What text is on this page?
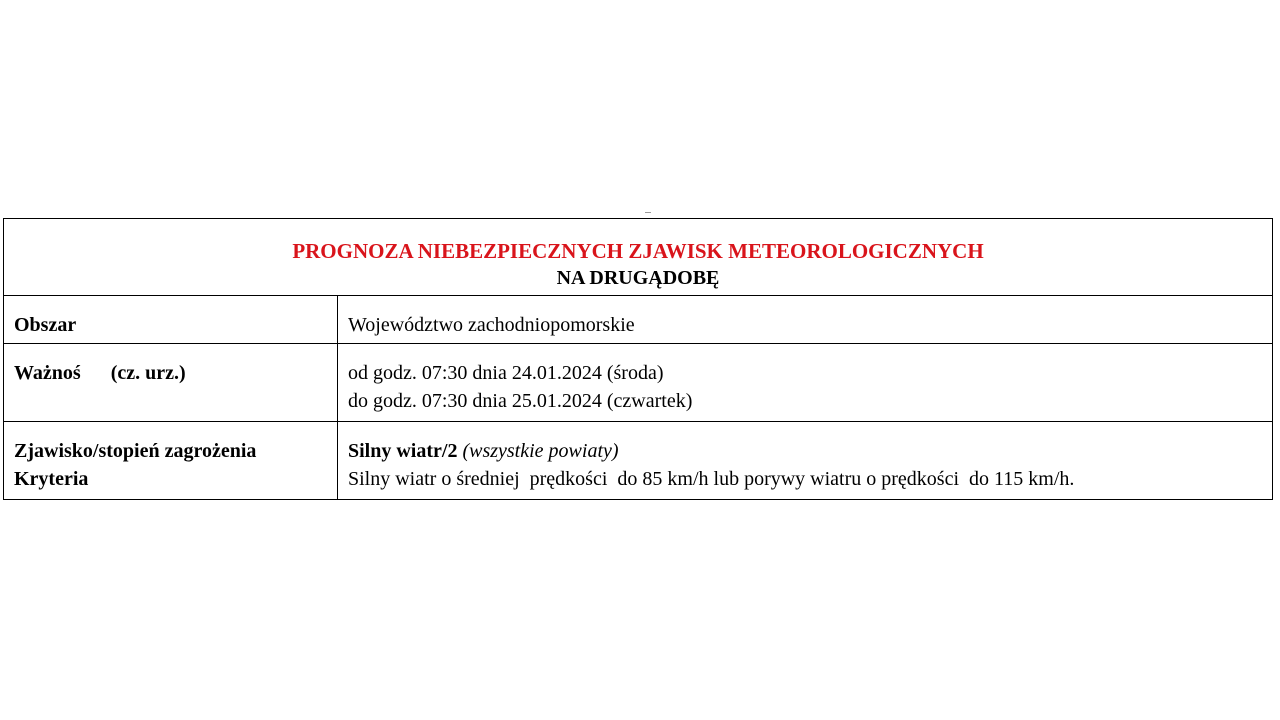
PROGNOZA NIEBEZPIECZNYCH ZJAWISK METEOROLOGICZNYCH
NA DRUGĄDOBĘ
Obszar	Województwo zachodniopomorskie
Ważnoś (cz. urz.)	od godz. 07:30 dnia 24.01.2024 (środa)
do godz. 07:30 dnia 25.01.2024 (czwartek)
Zjawisko/stopień zagrożenia
Kryteria
Silny wiatr/2 (wszystkie powiaty)
Silny wiatr o średniej  prędkości  do 85 km/h lub porywy wiatru o prędkości  do 115 km/h.
